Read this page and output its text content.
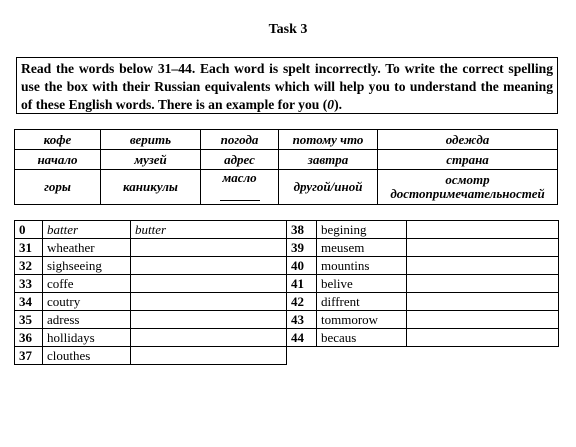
Task 3
Read the words below 31–44. Each word is spelt incorrectly. To write the correct spelling use the box with their Russian equivalents which will help you to understand the meaning of these English words. There is an example for you (0).
кофе	верить	погода	потому что	одежда
начало	музей	адрес	завтра	страна
горы	каникулы	масло	другой/иной	осмотр достопримечательностей
0	batter	butter	38	begining	
31	wheather		39	meusem	
32	sighseeing		40	mountins	
33	coffe		41	belive	
34	coutry		42	diffrent	
35	adress		43	tommorow	
36	hollidays		44	becaus	
37	clouthes				
